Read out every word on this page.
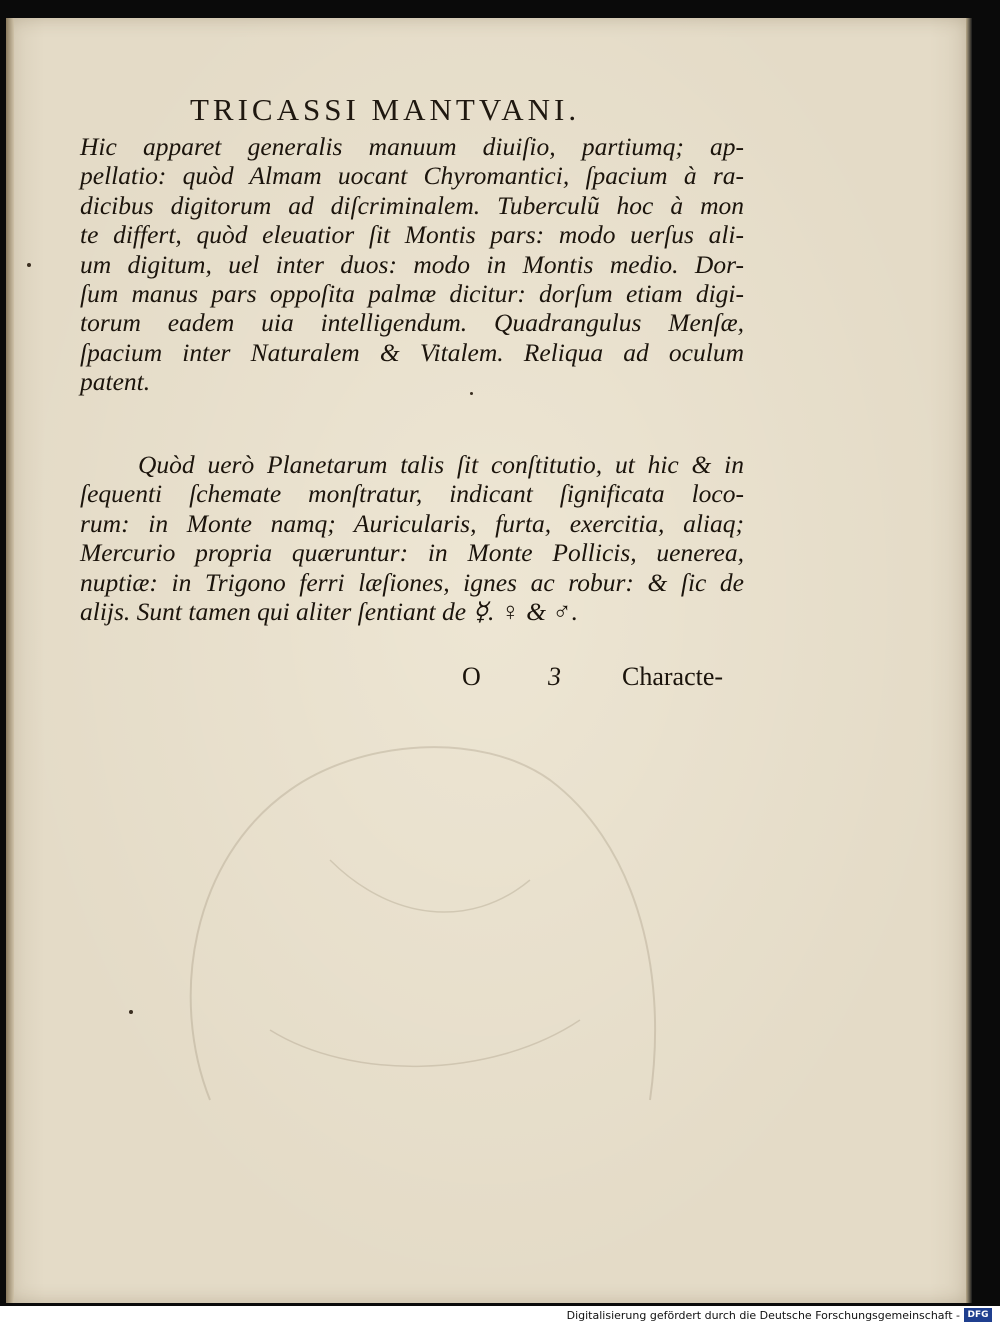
TRICASSI MANTVANI.
Hic apparet generalis manuum diuiſio, partiumq; ap-
pellatio: quòd Almam uocant Chyromantici, ſpacium à ra-
dicibus digitorum ad diſcriminalem. Tuberculũ hoc à mon
te differt, quòd eleuatior ſit Montis pars: modo uerſus ali-
um digitum, uel inter duos: modo in Montis medio. Dor-
ſum manus pars oppoſita palmæ dicitur: dorſum etiam digi-
torum eadem uia intelligendum. Quadrangulus Menſæ,
ſpacium inter Naturalem & Vitalem. Reliqua ad oculum
patent.
Quòd uerò Planetarum talis ſit conſtitutio, ut hic & in
ſequenti ſchemate monſtratur, indicant ſignificata loco-
rum: in Monte namq; Auricularis, furta, exercitia, aliaq;
Mercurio propria quæruntur: in Monte Pollicis, uenerea,
nuptiæ: in Trigono ferri læſiones, ignes ac robur: & ſic de
alijs. Sunt tamen qui aliter ſentiant de ☿. ♀ & ♂.
O	3 Characte-
Digitalisierung gefördert durch die Deutsche Forschungsgemeinschaft - DFG
